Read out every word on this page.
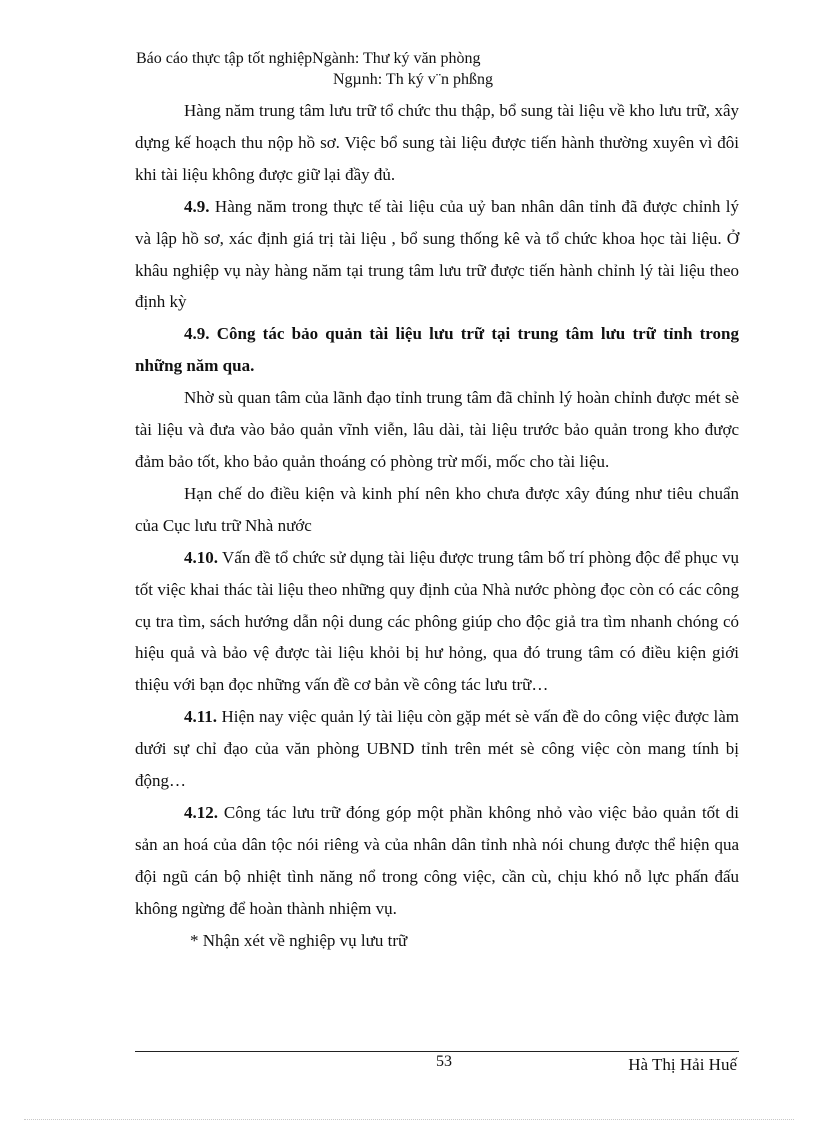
Báo cáo thực tập tốt nghiệpNgành: Thư ký văn phòng
Ngµnh: Th ký v¨n phßng

Hàng năm trung tâm lưu trữ tổ chức thu thập, bổ sung tài liệu về kho lưu trữ, xây dựng kế hoạch thu nộp hồ sơ. Việc bổ sung tài liệu được tiến hành thường xuyên vì đôi khi tài liệu không được giữ lại đầy đủ.

4.9. Hàng năm trong thực tế tài liệu của uỷ ban nhân dân tỉnh đã được chỉnh lý và lập hồ sơ, xác định giá trị tài liệu , bổ sung thống kê và tổ chức khoa học tài liệu. Ở khâu nghiệp vụ này hàng năm tại trung tâm lưu trữ được tiến hành chỉnh lý tài liệu theo định kỳ

4.9. Công tác bảo quản tài liệu lưu trữ tại trung tâm lưu trữ tỉnh trong những năm qua.

Nhờ sù quan tâm của lãnh đạo tỉnh trung tâm đã chỉnh lý hoàn chỉnh được mét sè tài liệu và đưa vào bảo quản vĩnh viễn, lâu dài, tài liệu trước bảo quản trong kho được đảm bảo tốt, kho bảo quản thoáng có phòng trừ mối, mốc cho tài liệu.

Hạn chế do điều kiện và kinh phí nên kho chưa được xây đúng như tiêu chuẩn của Cục lưu trữ Nhà nước

4.10. Vấn đề tổ chức sử dụng tài liệu được trung tâm bố trí phòng độc để phục vụ tốt việc khai thác tài liệu theo những quy định của Nhà nước phòng đọc còn có các công cụ tra tìm, sách hướng dẫn nội dung các phông giúp cho độc giả tra tìm nhanh chóng có hiệu quả và bảo vệ được tài liệu khỏi bị hư hỏng, qua đó trung tâm có điều kiện giới thiệu với bạn đọc những vấn đề cơ bản về công tác lưu trữ…

4.11. Hiện nay việc quản lý tài liệu còn gặp mét sè vấn đề do công việc được làm dưới sự chỉ đạo của văn phòng UBND tỉnh trên mét sè công việc còn mang tính bị động…

4.12. Công tác lưu trữ đóng góp một phần không nhỏ vào việc bảo quản tốt di sản an hoá của dân tộc nói riêng và của nhân dân tỉnh nhà nói chung được thể hiện qua đội ngũ cán bộ nhiệt tình năng nổ trong công việc, cần cù, chịu khó nỗ lực phấn đấu không ngừng để hoàn thành nhiệm vụ.

* Nhận xét về nghiệp vụ lưu trữ

53	Hà Thị Hải Huế
